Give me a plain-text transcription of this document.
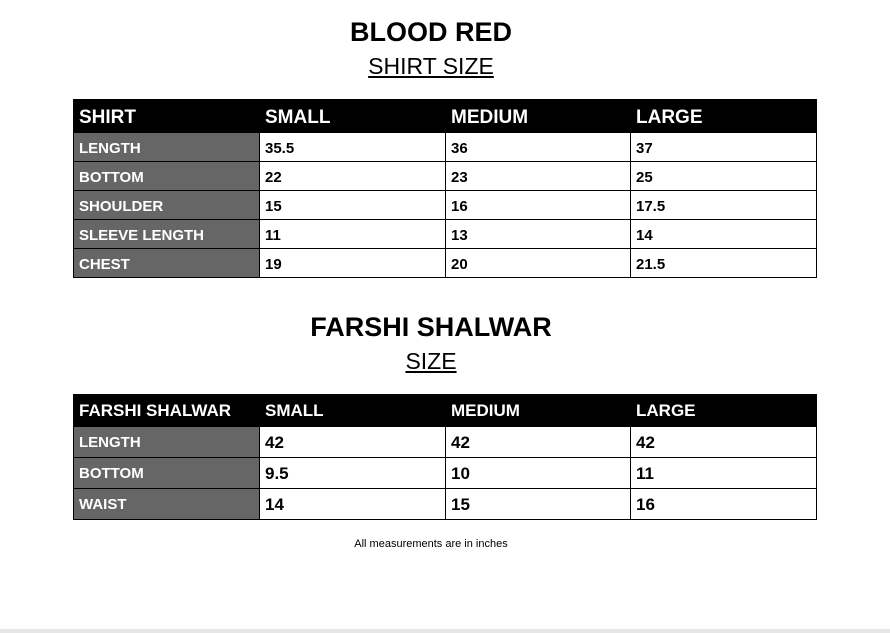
BLOOD RED
SHIRT SIZE
SHIRT	SMALL	MEDIUM	LARGE
LENGTH	35.5	36	37
BOTTOM	22	23	25
SHOULDER	15	16	17.5
SLEEVE LENGTH	11	13	14
CHEST	19	20	21.5
FARSHI SHALWAR
SIZE
FARSHI SHALWAR	SMALL	MEDIUM	LARGE
LENGTH	42	42	42
BOTTOM	9.5	10	11
WAIST	14	15	16

All measurements are in inches
